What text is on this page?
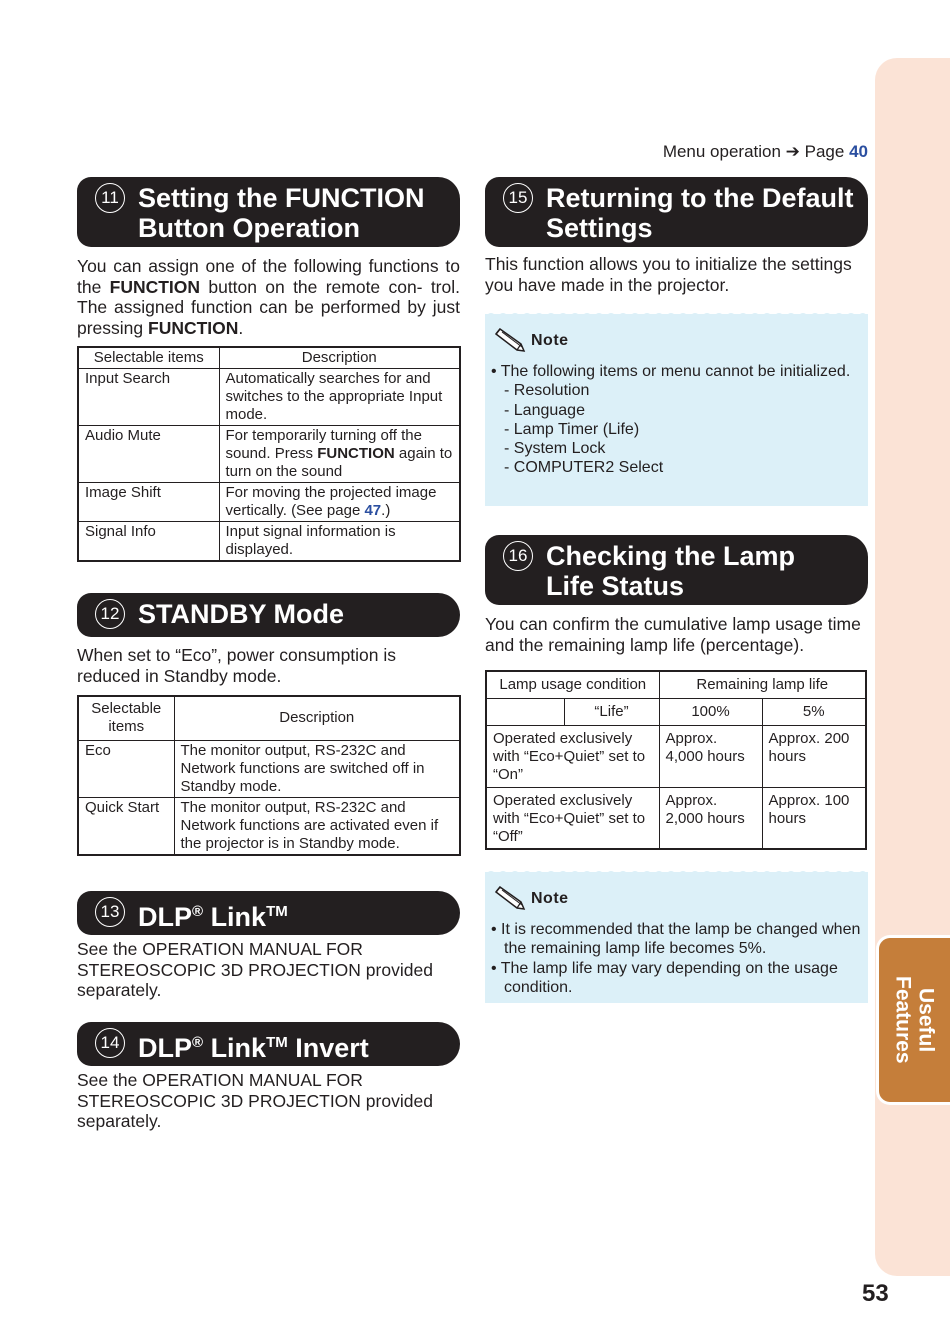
Useful
Features
53
Menu operation ➔ Page 40
11 Setting the FUNCTION
Button Operation

You can assign one of the following functions to the FUNCTION button on the remote con- trol. The assigned function can be performed by just pressing FUNCTION.

Selectable items	Description
Input Search	Automatically searches for and switches to the appropriate Input mode.
Audio Mute	For temporarily turning off the sound. Press FUNCTION again to turn on the sound
Image Shift	For moving the projected image vertically. (See page 47.)
Signal Info	Input signal information is displayed.
12 STANDBY Mode

When set to “Eco”, power consumption is reduced in Standby mode.

Selectable items	Description
Eco	The monitor output, RS-232C and Network functions are switched off in Standby mode.
Quick Start	The monitor output, RS-232C and Network functions are activated even if the projector is in Standby mode.
13 DLP® Link™

See the OPERATION MANUAL FOR STEREOSCOPIC 3D PROJECTION provided separately.

14 DLP® Link™ Invert

See the OPERATION MANUAL FOR STEREOSCOPIC 3D PROJECTION provided separately.

15 Returning to the Default
Settings

This function allows you to initialize the settings you have made in the projector.

Note
• The following items or menu cannot be initialized.
- Resolution
- Language
- Lamp Timer (Life)
- System Lock
- COMPUTER2 Select
16 Checking the Lamp
Life Status

You can confirm the cumulative lamp usage time and the remaining lamp life (percentage).

Lamp usage condition		Remaining lamp life	
	“Life”	100%	5%
Operated exclusively with “Eco+Quiet” set to “On”		Approx. 4,000 hours	Approx. 200 hours
Operated exclusively with “Eco+Quiet” set to “Off”		Approx. 2,000 hours	Approx. 100 hours
Note
• It is recommended that the lamp be changed when the remaining lamp life becomes 5%.
• The lamp life may vary depending on the usage condition.
